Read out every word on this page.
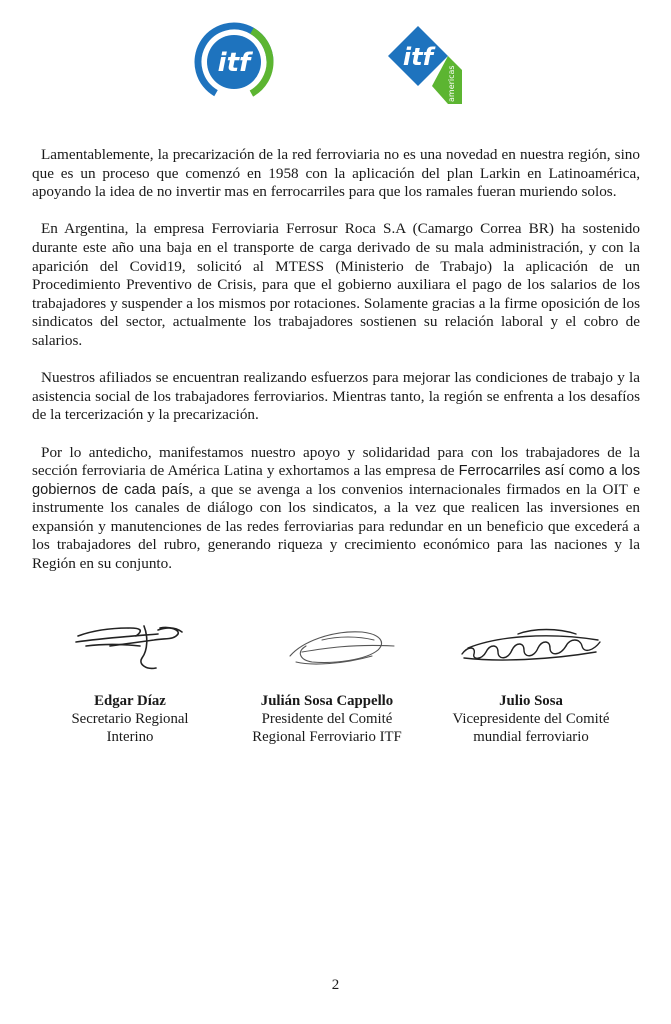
itf	itf
americas

Lamentablemente, la precarización de la red ferroviaria no es una novedad en nuestra región, sino que es un proceso que comenzó en 1958 con la aplicación del plan Larkin en Latinoamérica, apoyando la idea de no invertir mas en ferrocarriles para que los ramales fueran muriendo solos.

En Argentina, la empresa Ferroviaria Ferrosur Roca S.A (Camargo Correa BR) ha sostenido durante este año una baja en el transporte de carga derivado de su mala administración, y con la aparición del Covid19, solicitó al MTESS (Ministerio de Trabajo) la aplicación de un Procedimiento Preventivo de Crisis, para que el gobierno auxiliara el pago de los salarios de los trabajadores y suspender a los mismos por rotaciones. Solamente gracias a la firme oposición de los sindicatos del sector, actualmente los trabajadores sostienen su relación laboral y el cobro de salarios.

Nuestros afiliados se encuentran realizando esfuerzos para mejorar las condiciones de trabajo y la asistencia social de los trabajadores ferroviarios. Mientras tanto, la región se enfrenta a los desafíos de la tercerización y la precarización.

Por lo antedicho, manifestamos nuestro apoyo y solidaridad para con los trabajadores de la sección ferroviaria de América Latina y exhortamos a las empresa de Ferrocarriles así como a los gobiernos de cada país, a que se avenga a los convenios internacionales firmados en la OIT e instrumente los canales de diálogo con los sindicatos, a la vez que realicen las inversiones en expansión y manutenciones de las redes ferroviarias para redundar en un beneficio que excederá a los trabajadores del rubro, generando riqueza y crecimiento económico para las naciones y la Región en su conjunto.

Edgar Díaz
Secretario Regional
Interino
Julián Sosa Cappello
Presidente del Comité
Regional Ferroviario ITF
Julio Sosa
Vicepresidente del Comité
mundial ferroviario
2
